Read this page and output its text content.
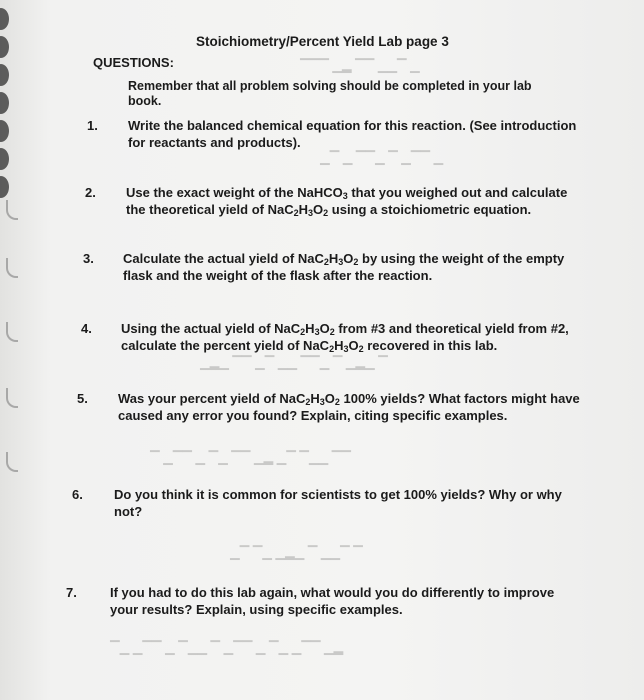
▔▔▔ ▁▂ ▔▔ ▁▁▔ ▁
▁▔ ▁ ▔▔▁ ▔ ▁▔▔ ▁
▁▂▁ ▔▔ ▁▔ ▁▁ ▔▔▁ ▔ ▁▂▁ ▔
▔ ▁▔▔ ▁ ▔▁ ▔▔ ▁▂ ▁▔ ▔▁▁ ▔▔
▁▔ ▔▁ ▁▂▁ ▔ ▁▁▔ ▔
▔▁ ▁▔▔ ▁ ▔▁▁ ▔ ▁▔▔ ▁ ▔▁ ▁▔▔ ▁▂
Stoichiometry/Percent Yield Lab page 3
QUESTIONS:
Remember that all problem solving should be completed in your lab book.
1. Write the balanced chemical equation for this reaction. (See introduction
for reactants and products).
2. Use the exact weight of the NaHCO$_3$ that you weighed out and calculate
the theoretical yield of $NaC_2H_3O_2$ using a stoichiometric equation.
3. Calculate the actual yield of $NaC_2H_3O_2$ by using the weight of the empty
flask and the weight of the flask after the reaction.
4. Using the actual yield of $NaC_2H_3O_2$ from #3 and theoretical yield from #2,
calculate the percent yield of $NaC_2H_3O_2$ recovered in this lab.
5. Was your percent yield of $NaC_2H_3O_2$ 100% yields? What factors might have
caused any error you found? Explain, citing specific examples.
6. Do you think it is common for scientists to get 100% yields? Why or why
not?
7.	If you had to do this lab again, what would you do differently to improve
your results? Explain, using specific examples.
